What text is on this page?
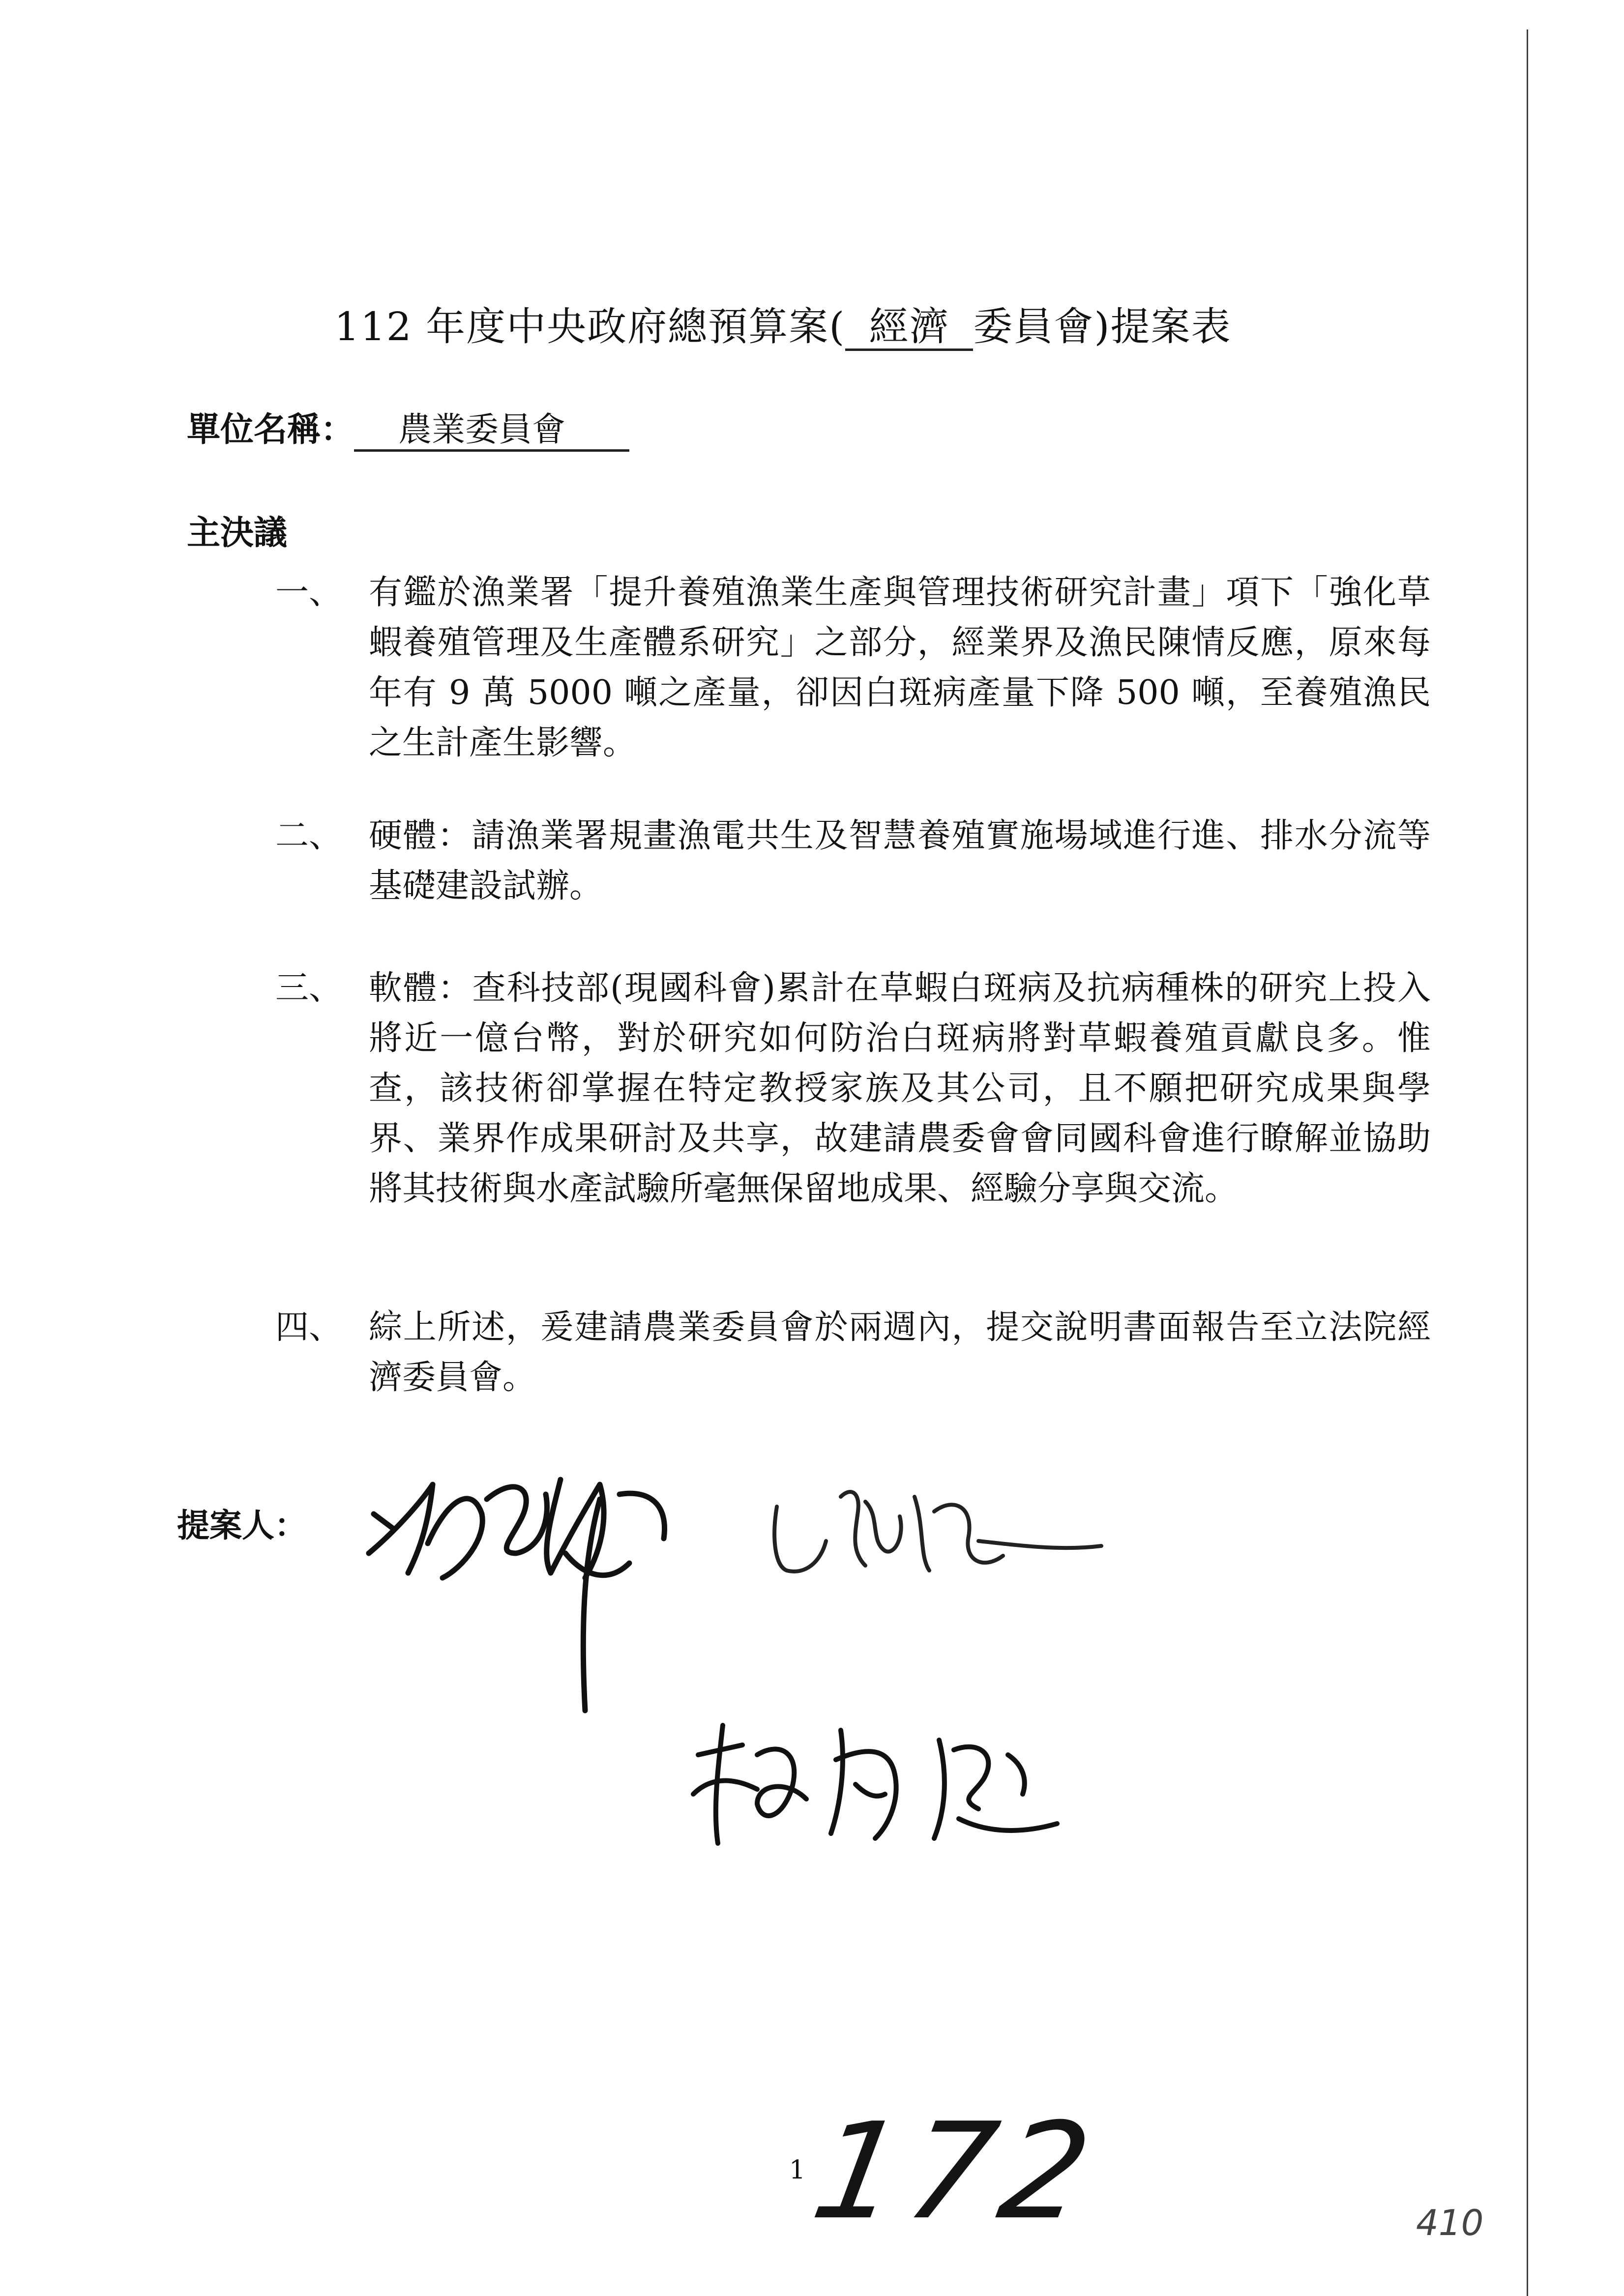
112 年度中央政府總預算案( 經濟 委員會)提案表
單位名稱： 農業委員會
主決議
一、 有鑑於漁業署「提升養殖漁業生產與管理技術研究計畫」項下「強化草蝦養殖管理及生產體系研究」之部分，經業界及漁民陳情反應，原來每年有 9 萬 5000 噸之產量，卻因白斑病產量下降 500 噸，至養殖漁民之生計產生影響。
二、 硬體：請漁業署規畫漁電共生及智慧養殖實施場域進行進、排水分流等基礎建設試辦。
三、 軟體：查科技部(現國科會)累計在草蝦白斑病及抗病種株的研究上投入將近一億台幣，對於研究如何防治白斑病將對草蝦養殖貢獻良多。惟查，該技術卻掌握在特定教授家族及其公司，且不願把研究成果與學界、業界作成果研討及共享，故建請農委會會同國科會進行瞭解並協助將其技術與水產試驗所毫無保留地成果、經驗分享與交流。
四、 綜上所述，爰建請農業委員會於兩週內，提交說明書面報告至立法院經濟委員會。
提案人：
1
172	410
